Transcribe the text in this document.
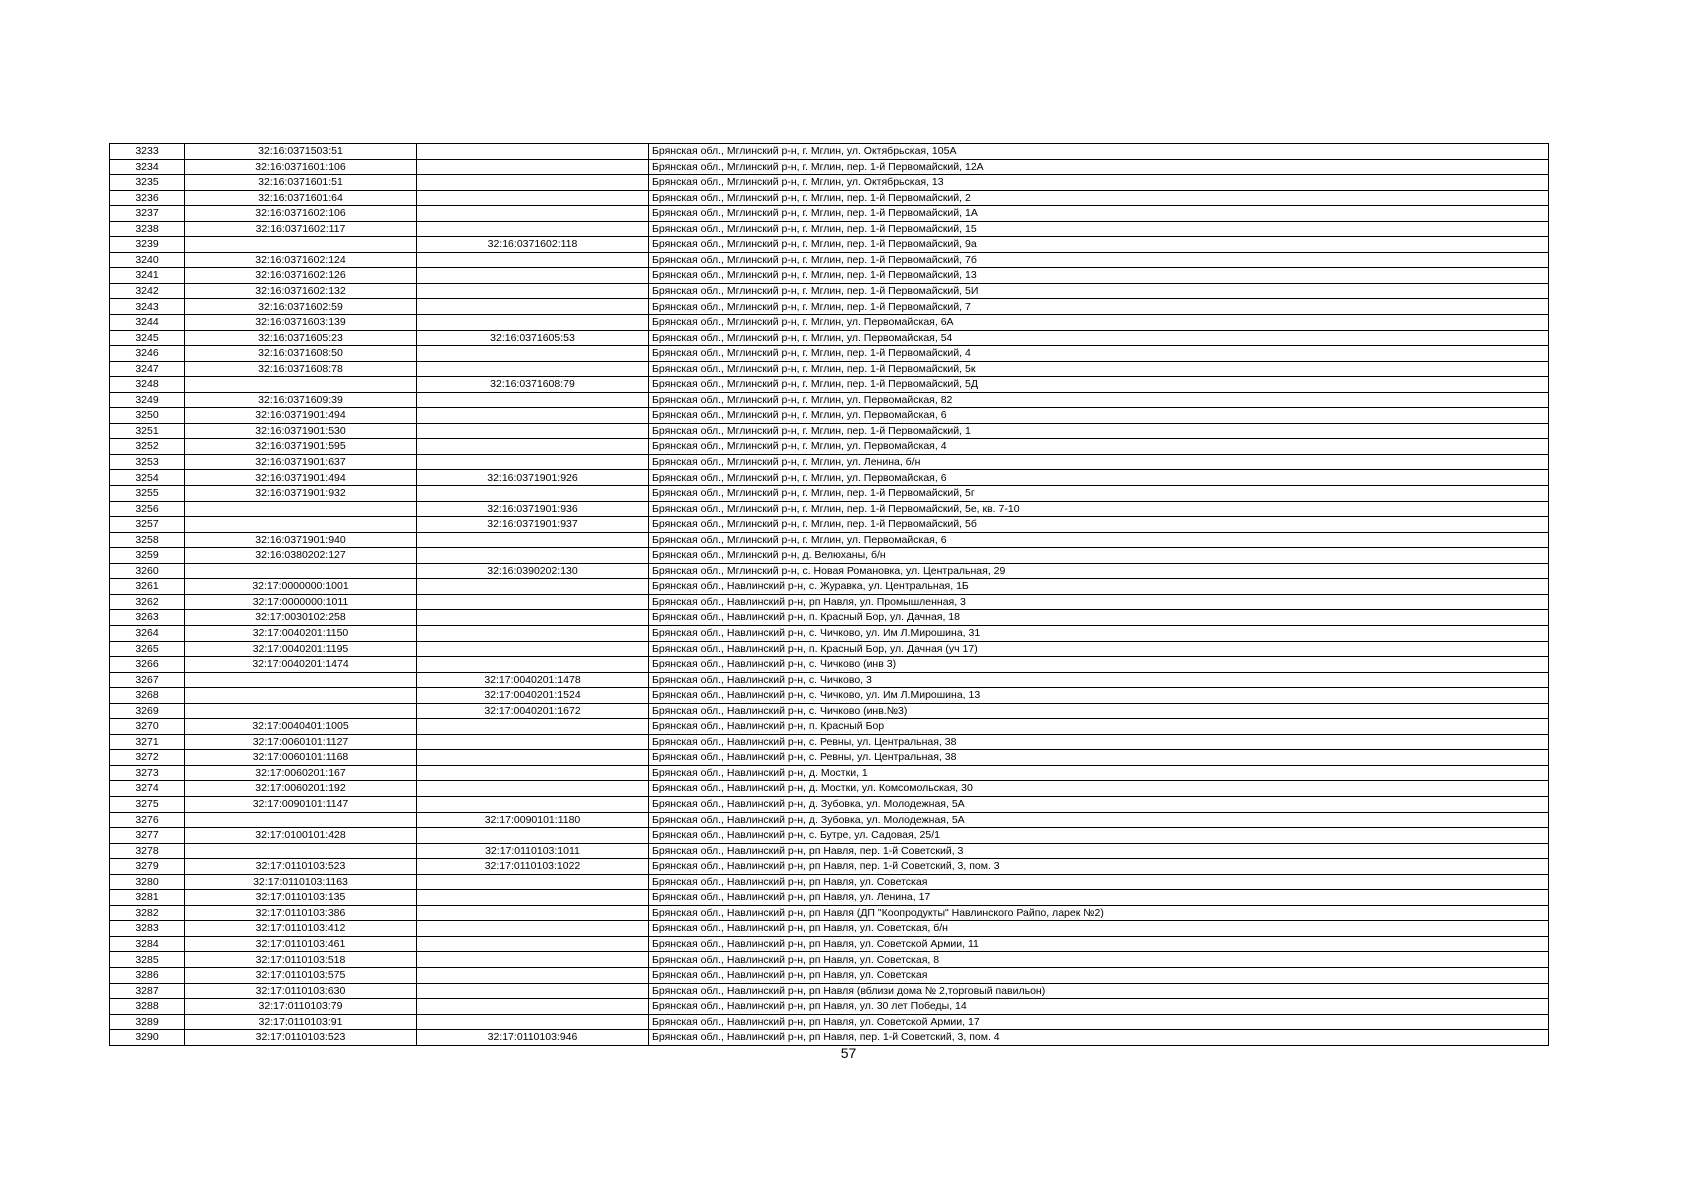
3233	32:16:0371503:51		Брянская обл., Мглинский р-н, г. Мглин, ул. Октябрьская, 105А
3234	32:16:0371601:106		Брянская обл., Мглинский р-н, г. Мглин, пер. 1-й Первомайский, 12А
3235	32:16:0371601:51		Брянская обл., Мглинский р-н, г. Мглин, ул. Октябрьская, 13
3236	32:16:0371601:64		Брянская обл., Мглинский р-н, г. Мглин, пер. 1-й Первомайский, 2
3237	32:16:0371602:106		Брянская обл., Мглинский р-н, г. Мглин, пер. 1-й Первомайский, 1А
3238	32:16:0371602:117		Брянская обл., Мглинский р-н, г. Мглин, пер. 1-й Первомайский, 15
3239		32:16:0371602:118	Брянская обл., Мглинский р-н, г. Мглин, пер. 1-й Первомайский, 9а
3240	32:16:0371602:124		Брянская обл., Мглинский р-н, г. Мглин, пер. 1-й Первомайский, 7б
3241	32:16:0371602:126		Брянская обл., Мглинский р-н, г. Мглин, пер. 1-й Первомайский, 13
3242	32:16:0371602:132		Брянская обл., Мглинский р-н, г. Мглин, пер. 1-й Первомайский, 5И
3243	32:16:0371602:59		Брянская обл., Мглинский р-н, г. Мглин, пер. 1-й Первомайский, 7
3244	32:16:0371603:139		Брянская обл., Мглинский р-н, г. Мглин, ул. Первомайская, 6А
3245	32:16:0371605:23	32:16:0371605:53	Брянская обл., Мглинский р-н, г. Мглин, ул. Первомайская, 54
3246	32:16:0371608:50		Брянская обл., Мглинский р-н, г. Мглин, пер. 1-й Первомайский, 4
3247	32:16:0371608:78		Брянская обл., Мглинский р-н, г. Мглин, пер. 1-й Первомайский, 5к
3248		32:16:0371608:79	Брянская обл., Мглинский р-н, г. Мглин, пер. 1-й Первомайский, 5Д
3249	32:16:0371609:39		Брянская обл., Мглинский р-н, г. Мглин, ул. Первомайская, 82
3250	32:16:0371901:494		Брянская обл., Мглинский р-н, г. Мглин, ул. Первомайская, 6
3251	32:16:0371901:530		Брянская обл., Мглинский р-н, г. Мглин, пер. 1-й Первомайский, 1
3252	32:16:0371901:595		Брянская обл., Мглинский р-н, г. Мглин, ул. Первомайская, 4
3253	32:16:0371901:637		Брянская обл., Мглинский р-н, г. Мглин, ул. Ленина, б/н
3254	32:16:0371901:494	32:16:0371901:926	Брянская обл., Мглинский р-н, г. Мглин, ул. Первомайская, 6
3255	32:16:0371901:932		Брянская обл., Мглинский р-н, г. Мглин, пер. 1-й Первомайский, 5г
3256		32:16:0371901:936	Брянская обл., Мглинский р-н, г. Мглин, пер. 1-й Первомайский, 5е, кв. 7-10
3257		32:16:0371901:937	Брянская обл., Мглинский р-н, г. Мглин, пер. 1-й Первомайский, 5б
3258	32:16:0371901:940		Брянская обл., Мглинский р-н, г. Мглин, ул. Первомайская, 6
3259	32:16:0380202:127		Брянская обл., Мглинский р-н, д. Велюханы, б/н
3260		32:16:0390202:130	Брянская обл., Мглинский р-н, с. Новая Романовка, ул. Центральная, 29
3261	32:17:0000000:1001		Брянская обл., Навлинский р-н, с. Журавка, ул. Центральная, 1Б
3262	32:17:0000000:1011		Брянская обл., Навлинский р-н, рп Навля, ул. Промышленная, 3
3263	32:17:0030102:258		Брянская обл., Навлинский р-н, п. Красный Бор, ул. Дачная, 18
3264	32:17:0040201:1150		Брянская обл., Навлинский р-н, с. Чичково, ул. Им Л.Мирошина, 31
3265	32:17:0040201:1195		Брянская обл., Навлинский р-н, п. Красный Бор, ул. Дачная (уч 17)
3266	32:17:0040201:1474		Брянская обл., Навлинский р-н, с. Чичково (инв 3)
3267		32:17:0040201:1478	Брянская обл., Навлинский р-н, с. Чичково, 3
3268		32:17:0040201:1524	Брянская обл., Навлинский р-н, с. Чичково, ул. Им Л.Мирошина, 13
3269		32:17:0040201:1672	Брянская обл., Навлинский р-н, с. Чичково (инв.№3)
3270	32:17:0040401:1005		Брянская обл., Навлинский р-н, п. Красный Бор
3271	32:17:0060101:1127		Брянская обл., Навлинский р-н, с. Ревны, ул. Центральная, 38
3272	32:17:0060101:1168		Брянская обл., Навлинский р-н, с. Ревны, ул. Центральная, 38
3273	32:17:0060201:167		Брянская обл., Навлинский р-н, д. Мостки, 1
3274	32:17:0060201:192		Брянская обл., Навлинский р-н, д. Мостки, ул. Комсомольская, 30
3275	32:17:0090101:1147		Брянская обл., Навлинский р-н, д. Зубовка, ул. Молодежная, 5А
3276		32:17:0090101:1180	Брянская обл., Навлинский р-н, д. Зубовка, ул. Молодежная, 5А
3277	32:17:0100101:428		Брянская обл., Навлинский р-н, с. Бутре, ул. Садовая, 25/1
3278		32:17:0110103:1011	Брянская обл., Навлинский р-н, рп Навля, пер. 1-й Советский, 3
3279	32:17:0110103:523	32:17:0110103:1022	Брянская обл., Навлинский р-н, рп Навля, пер. 1-й Советский, 3, пом. 3
3280	32:17:0110103:1163		Брянская обл., Навлинский р-н, рп Навля, ул. Советская
3281	32:17:0110103:135		Брянская обл., Навлинский р-н, рп Навля, ул. Ленина, 17
3282	32:17:0110103:386		Брянская обл., Навлинский р-н, рп Навля (ДП "Коопродукты" Навлинского Райпо, ларек №2)
3283	32:17:0110103:412		Брянская обл., Навлинский р-н, рп Навля, ул. Советская, б/н
3284	32:17:0110103:461		Брянская обл., Навлинский р-н, рп Навля, ул. Советской Армии, 11
3285	32:17:0110103:518		Брянская обл., Навлинский р-н, рп Навля, ул. Советская, 8
3286	32:17:0110103:575		Брянская обл., Навлинский р-н, рп Навля, ул. Советская
3287	32:17:0110103:630		Брянская обл., Навлинский р-н, рп Навля (вблизи дома № 2,торговый павильон)
3288	32:17:0110103:79		Брянская обл., Навлинский р-н, рп Навля, ул. 30 лет Победы, 14
3289	32:17:0110103:91		Брянская обл., Навлинский р-н, рп Навля, ул. Советской Армии, 17
3290	32:17:0110103:523	32:17:0110103:946	Брянская обл., Навлинский р-н, рп Навля, пер. 1-й Советский, 3, пом. 4
57
